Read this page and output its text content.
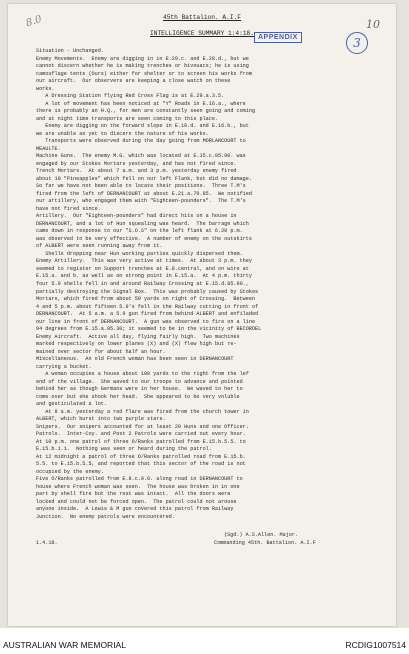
8.0	10
APPENDIX	3
45th Battalion. A.I.F
INTELLIGENCE SUMMARY 1:4:18.
Situation - Unchanged.
Enemy Movements.  Enemy are digging in in E.29.c. and E.28.d., but we
cannot discern whether he is making trenches or bivouacs; he is using
camouflage tents (Ours) either for shelter or to screen his works from
our aircraft.  Our observers are keeping a close watch on these
works.
A Dressing Station flying Red Cross Flag is at E.29.a.3.5.
A lot of movement has been noticed at "Y" Roads in E.16.a., where
there is probably an H.Q., for men are constantly seen going and coming
and at night time transports are seen coming to this place.
Enemy are digging on the forward slope in E.10.d. and E.16.b., but
we are unable as yet to discern the nature of his works.
Transports were observed during the day going from MORLANCOURT to
MEAULTE.
Machine Guns.  The enemy M.G. which was located at E.15.c.95.90. was
engaged by our Stokes Mortars yesterday, and has not fired since.
Trench Mortars.  At about 7 a.m. and 3 p.m. yesterday enemy fired
about 10 "Pineapples" which fell on our left Flank, but did no damage.
So far we have not been able to locate their positions.  Three T.M's
fired from the left of DERNANCOURT at about E.21.a.70.85.  We notified
our artillery, who engaged them with "Eighteen-pounders".  The T.M's
have not fired since.
Artillery.  Our "Eighteen-pounders" had direct hits on a house in
DERNANCOURT, and a lot of Hun squealing was heard.  The barrage which
came down in response to our "S.O.S" on the left flank at 6.20 p.m.
was observed to be very effective.  A number of enemy on the outskirts
of ALBERT were seen running away from it.
Shells dropping near Hun working parties quickly dispersed them.
Enemy Artillery.  This was very active at times.  At about 3 p.m. they
seemed to register on Support trenches at E.8.central, and on wire at
E.15.a. and b. as well as on strong point in E.15.a.  At 4 p.m. thirty
four 5.9 shells fell in and around Railway Crossing at E.15.d.85.90.,
partially destroying the Signal Box.  This was probably caused by Stokes
Mortars, which fired from about 50 yards on right of Crossing.  Between
4 and 5 p.m. about fifteen 5.9's fell in the Railway cutting in front of
DERNANCOURT.  At 5 a.m. a 5.9 gun fired from behind ALBERT and enfiladed
our line in front of DERNANCOURT.  A gun was observed to fire on a line
94 degrees from E.15.a.95.30; it seemed to be in the vicinity of BECORDEL
Enemy Aircraft.  Active all day, flying fairly high.  Two machines
marked respectively on lower planes (X) and (X) flew high but re-
mained over sector for about half an hour.
Miscellaneous.  An old French woman has been seen in DERNANCOURT
carrying a bucket.
A woman occupies a house about 100 yards to the right from the lef
end of the village.  She waved to our troops to advance and pointed
behind her as though Germans were in her house.  We waved to her to
come over but she shook her head.  She appeared to be very voluble
and gesticulated a lot.
At 8 a.m. yesterday a red flare was fired from the church tower in
ALBERT, which burst into two purple stars.
Snipers.  Our snipers accounted for at least 20 Huns and one Officer.
Patrols.  Inter-Coy. and Post 2 Patrols were carried out every hour.
At 10 p.m. one patrol of three O/Ranks patrolled from E.15.b.5.5. to
E.15.b.1.1.  Nothing was seen or heard during the patrol.
At 12 midnight a patrol of three O/Ranks patrolled road from E.15.b.
5.5. to E.15.b.5.5, and reported that this sector of the road is not
occupied by the enemy.
Five O/Ranks patrolled from E.8.c.0.0. along road in DERNANCOURT to
house where French woman was seen.  The house was broken in in one
part by shell fire but the rest was intact.  All the doors were
locked and could not be forced open.  The patrol could not arouse
anyone inside.  A Lewis & M gun covered this patrol from Railway
Junction.  No enemy patrols were encountered.
(Sgd.) A.S.Allen. Major.
1.4.18.	Commanding 45th. Battalion. A.I.F
AUSTRALIAN WAR MEMORIAL	RCDIG1007514
